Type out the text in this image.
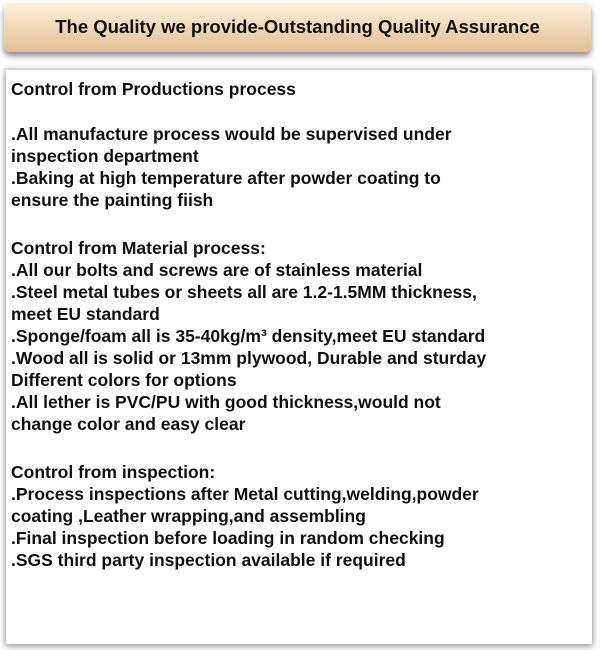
The Quality we provide-Outstanding Quality Assurance

Control from Productions process

.All manufacture process would be supervised under
inspection department
.Baking at high temperature after powder coating to
ensure the painting fiish

Control from Material process:

.All our bolts and screws are of stainless material
.Steel metal tubes or sheets all are 1.2-1.5MM thickness,
meet EU standard
.Sponge/foam all is 35-40kg/m³ density,meet EU standard
.Wood all is solid or 13mm plywood, Durable and sturday
Different colors for options
.All lether is PVC/PU with good thickness,would not
change color and easy clear

Control from inspection:

.Process inspections after Metal cutting,welding,powder
coating ,Leather wrapping,and assembling
.Final inspection before loading in random checking
.SGS third party inspection available if required
